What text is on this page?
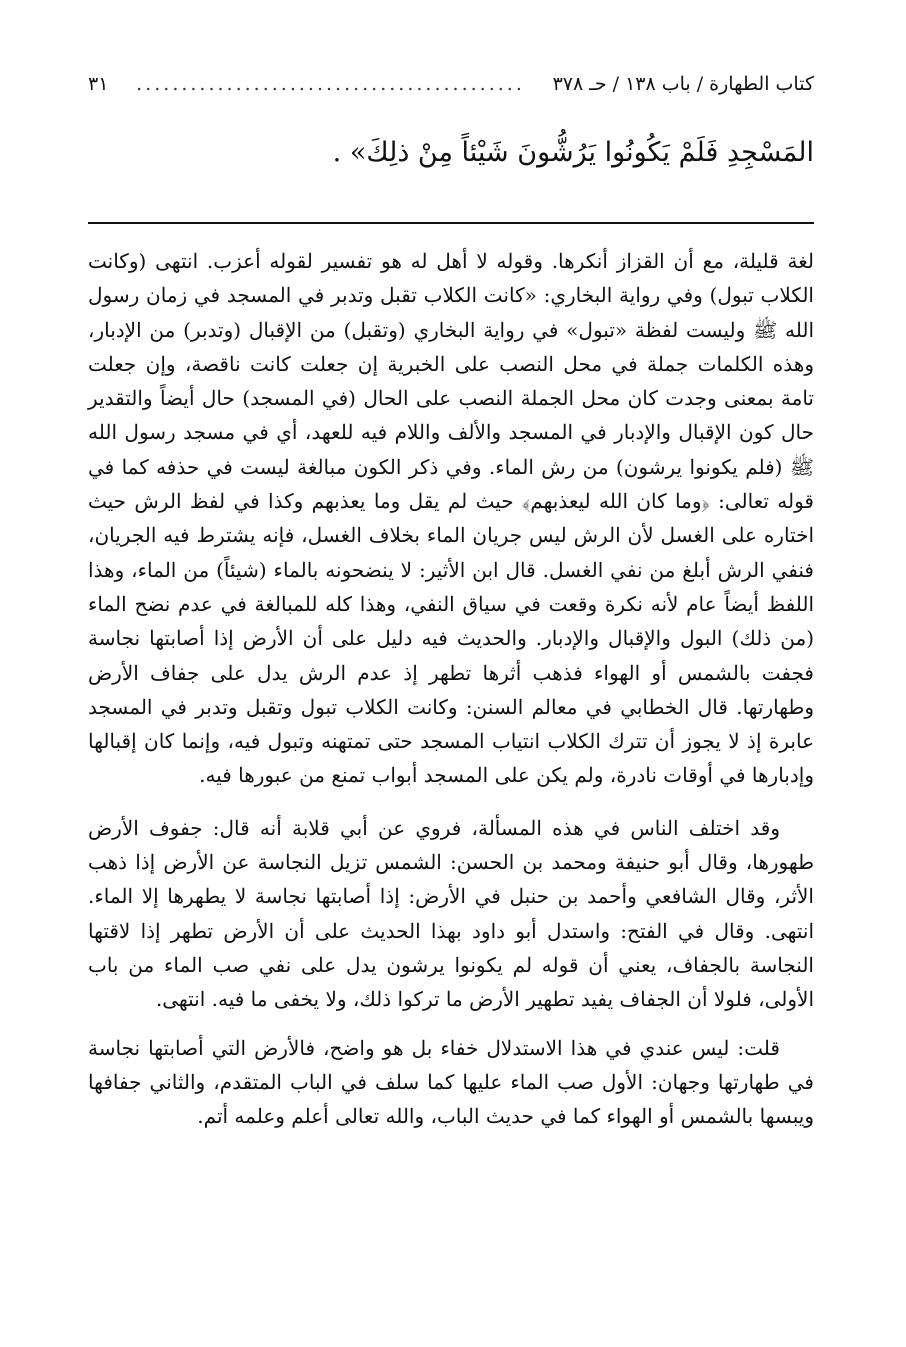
كتاب الطهارة / باب ١٣٨ / حـ ٣٧٨
...........................................
٣١
المَسْجِدِ فَلَمْ يَكُونُوا يَرُشُّونَ شَيْئاً مِنْ ذلِكَ» .

لغة قليلة، مع أن القزاز أنكرها. وقوله لا أهل له هو تفسير لقوله أعزب. انتهى (وكانت الكلاب تبول) وفي رواية البخاري: «كانت الكلاب تقبل وتدبر في المسجد في زمان رسول الله ﷺ وليست لفظة «تبول» في رواية البخاري (وتقبل) من الإقبال (وتدبر) من الإدبار، وهذه الكلمات جملة في محل النصب على الخبرية إن جعلت كانت ناقصة، وإن جعلت تامة بمعنى وجدت كان محل الجملة النصب على الحال (في المسجد) حال أيضاً والتقدير حال كون الإقبال والإدبار في المسجد والألف واللام فيه للعهد، أي في مسجد رسول الله ﷺ (فلم يكونوا يرشون) من رش الماء. وفي ذكر الكون مبالغة ليست في حذفه كما في قوله تعالى: ﴿وما كان الله ليعذبهم﴾ حيث لم يقل وما يعذبهم وكذا في لفظ الرش حيث اختاره على الغسل لأن الرش ليس جريان الماء بخلاف الغسل، فإنه يشترط فيه الجريان، فنفي الرش أبلغ من نفي الغسل. قال ابن الأثير: لا ينضحونه بالماء (شيئاً) من الماء، وهذا اللفظ أيضاً عام لأنه نكرة وقعت في سياق النفي، وهذا كله للمبالغة في عدم نضح الماء (من ذلك) البول والإقبال والإدبار. والحديث فيه دليل على أن الأرض إذا أصابتها نجاسة فجفت بالشمس أو الهواء فذهب أثرها تطهر إذ عدم الرش يدل على جفاف الأرض وطهارتها. قال الخطابي في معالم السنن: وكانت الكلاب تبول وتقبل وتدبر في المسجد عابرة إذ لا يجوز أن تترك الكلاب انتياب المسجد حتى تمتهنه وتبول فيه، وإنما كان إقبالها وإدبارها في أوقات نادرة، ولم يكن على المسجد أبواب تمنع من عبورها فيه.

وقد اختلف الناس في هذه المسألة، فروي عن أبي قلابة أنه قال: جفوف الأرض طهورها، وقال أبو حنيفة ومحمد بن الحسن: الشمس تزيل النجاسة عن الأرض إذا ذهب الأثر، وقال الشافعي وأحمد بن حنبل في الأرض: إذا أصابتها نجاسة لا يطهرها إلا الماء. انتهى. وقال في الفتح: واستدل أبو داود بهذا الحديث على أن الأرض تطهر إذا لاقتها النجاسة بالجفاف، يعني أن قوله لم يكونوا يرشون يدل على نفي صب الماء من باب الأولى، فلولا أن الجفاف يفيد تطهير الأرض ما تركوا ذلك، ولا يخفى ما فيه. انتهى.

قلت: ليس عندي في هذا الاستدلال خفاء بل هو واضح، فالأرض التي أصابتها نجاسة في طهارتها وجهان: الأول صب الماء عليها كما سلف في الباب المتقدم، والثاني جفافها ويبسها بالشمس أو الهواء كما في حديث الباب، والله تعالى أعلم وعلمه أتم.
